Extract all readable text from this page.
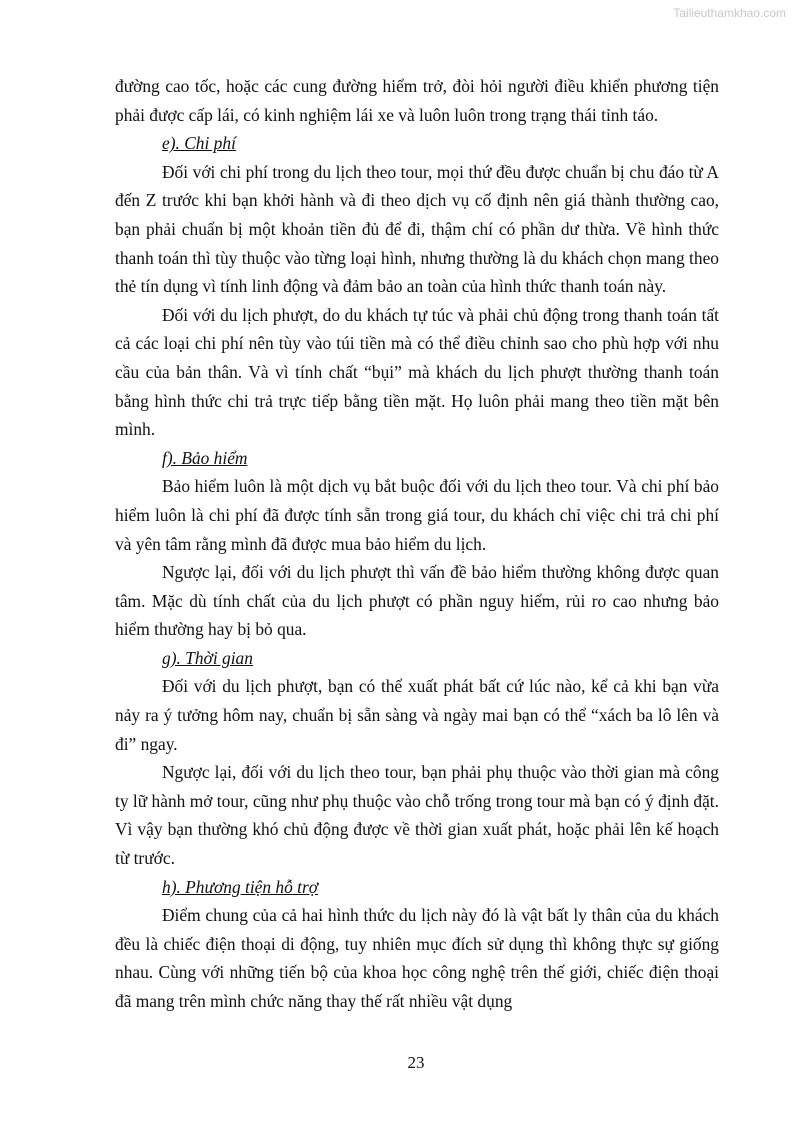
Tailieuthamkhao.com

đường cao tốc, hoặc các cung đường hiểm trở, đòi hỏi người điều khiển phương tiện phải được cấp lái, có kinh nghiệm lái xe và luôn luôn trong trạng thái tỉnh táo.

e). Chi phí

Đối với chi phí trong du lịch theo tour, mọi thứ đều được chuẩn bị chu đáo từ A đến Z trước khi bạn khởi hành và đi theo dịch vụ cố định nên giá thành thường cao, bạn phải chuẩn bị một khoản tiền đủ để đi, thậm chí có phần dư thừa. Về hình thức thanh toán thì tùy thuộc vào từng loại hình, nhưng thường là du khách chọn mang theo thẻ tín dụng vì tính linh động và đảm bảo an toàn của hình thức thanh toán này.

Đối với du lịch phượt, do du khách tự túc và phải chủ động trong thanh toán tất cả các loại chi phí nên tùy vào túi tiền mà có thể điều chỉnh sao cho phù hợp với nhu cầu của bản thân. Và vì tính chất “bụi” mà khách du lịch phượt thường thanh toán bằng hình thức chi trả trực tiếp bằng tiền mặt. Họ luôn phải mang theo tiền mặt bên mình.

f). Bảo hiểm

Bảo hiểm luôn là một dịch vụ bắt buộc đối với du lịch theo tour. Và chi phí bảo hiểm luôn là chi phí đã được tính sẵn trong giá tour, du khách chỉ việc chi trả chi phí và yên tâm rằng mình đã được mua bảo hiểm du lịch.

Ngược lại, đối với du lịch phượt thì vấn đề bảo hiểm thường không được quan tâm. Mặc dù tính chất của du lịch phượt có phần nguy hiểm, rủi ro cao nhưng bảo hiểm thường hay bị bỏ qua.

g). Thời gian

Đối với du lịch phượt, bạn có thể xuất phát bất cứ lúc nào, kể cả khi bạn vừa nảy ra ý tưởng hôm nay, chuẩn bị sẵn sàng và ngày mai bạn có thể “xách ba lô lên và đi” ngay.

Ngược lại, đối với du lịch theo tour, bạn phải phụ thuộc vào thời gian mà công ty lữ hành mở tour, cũng như phụ thuộc vào chỗ trống trong tour mà bạn có ý định đặt. Vì vậy bạn thường khó chủ động được về thời gian xuất phát, hoặc phải lên kế hoạch từ trước.

h). Phương tiện hỗ trợ

Điểm chung của cả hai hình thức du lịch này đó là vật bất ly thân của du khách đều là chiếc điện thoại di động, tuy nhiên mục đích sử dụng thì không thực sự giống nhau. Cùng với những tiến bộ của khoa học công nghệ trên thế giới, chiếc điện thoại đã mang trên mình chức năng thay thế rất nhiều vật dụng

23
